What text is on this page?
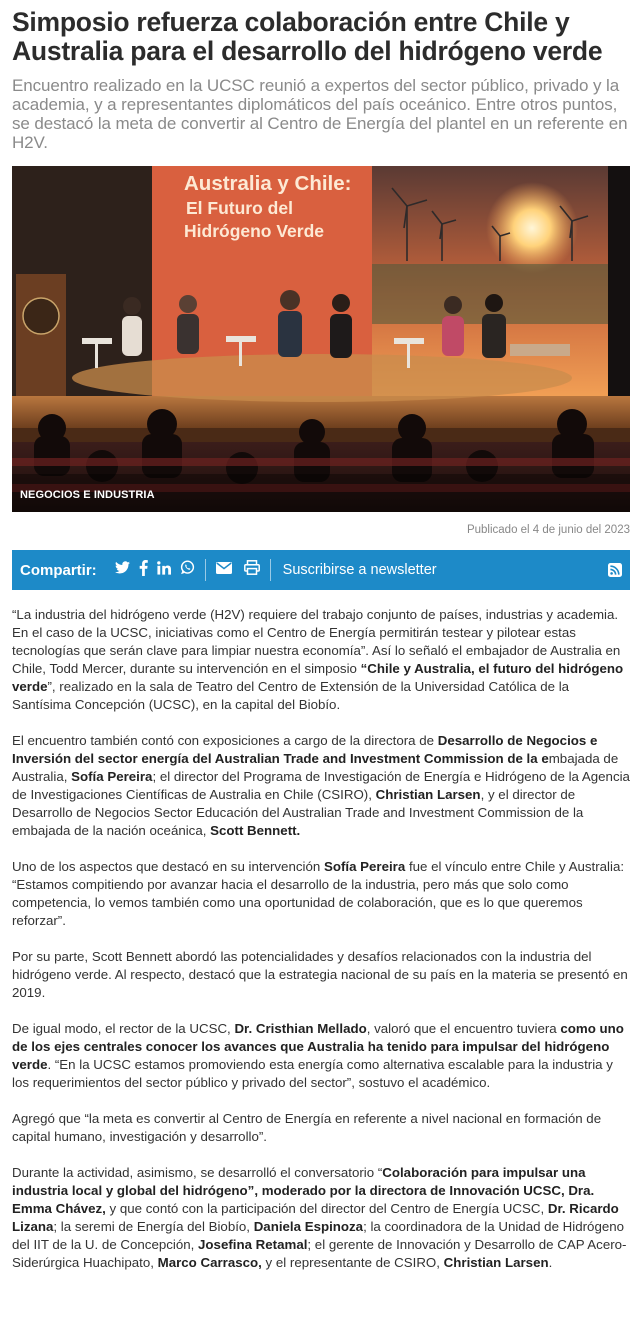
Simposio refuerza colaboración entre Chile y Australia para el desarrollo del hidrógeno verde

Encuentro realizado en la UCSC reunió a expertos del sector público, privado y la academia, y a representantes diplomáticos del país oceánico. Entre otros puntos, se destacó la meta de convertir al Centro de Energía del plantel en un referente en H2V.

Australia y Chile:
El Futuro del
Hidrógeno Verde
NEGOCIOS E INDUSTRIA
Publicado el 4 de junio del 2023
Compartir:	Suscribirse a newsletter

“La industria del hidrógeno verde (H2V) requiere del trabajo conjunto de países, industrias y academia. En el caso de la UCSC, iniciativas como el Centro de Energía permitirán testear y pilotear estas tecnologías que serán clave para limpiar nuestra economía”. Así lo señaló el embajador de Australia en Chile, Todd Mercer, durante su intervención en el simposio “Chile y Australia, el futuro del hidrógeno verde”, realizado en la sala de Teatro del Centro de Extensión de la Universidad Católica de la Santísima Concepción (UCSC), en la capital del Biobío.

El encuentro también contó con exposiciones a cargo de la directora de Desarrollo de Negocios e Inversión del sector energía del Australian Trade and Investment Commission de la embajada de Australia, Sofía Pereira; el director del Programa de Investigación de Energía e Hidrógeno de la Agencia de Investigaciones Científicas de Australia en Chile (CSIRO), Christian Larsen, y el director de Desarrollo de Negocios Sector Educación del Australian Trade and Investment Commission de la embajada de la nación oceánica, Scott Bennett.

Uno de los aspectos que destacó en su intervención Sofía Pereira fue el vínculo entre Chile y Australia: “Estamos compitiendo por avanzar hacia el desarrollo de la industria, pero más que solo como competencia, lo vemos también como una oportunidad de colaboración, que es lo que queremos reforzar”.

Por su parte, Scott Bennett abordó las potencialidades y desafíos relacionados con la industria del hidrógeno verde. Al respecto, destacó que la estrategia nacional de su país en la materia se presentó en 2019.

De igual modo, el rector de la UCSC, Dr. Cristhian Mellado, valoró que el encuentro tuviera como uno de los ejes centrales conocer los avances que Australia ha tenido para impulsar del hidrógeno verde. “En la UCSC estamos promoviendo esta energía como alternativa escalable para la industria y los requerimientos del sector público y privado del sector”, sostuvo el académico.

Agregó que “la meta es convertir al Centro de Energía en referente a nivel nacional en formación de capital humano, investigación y desarrollo”.

Durante la actividad, asimismo, se desarrolló el conversatorio “Colaboración para impulsar una industria local y global del hidrógeno”, moderado por la directora de Innovación UCSC, Dra. Emma Chávez, y que contó con la participación del director del Centro de Energía UCSC, Dr. Ricardo Lizana; la seremi de Energía del Biobío, Daniela Espinoza; la coordinadora de la Unidad de Hidrógeno del IIT de la U. de Concepción, Josefina Retamal; el gerente de Innovación y Desarrollo de CAP Acero-Siderúrgica Huachipato, Marco Carrasco, y el representante de CSIRO, Christian Larsen.
